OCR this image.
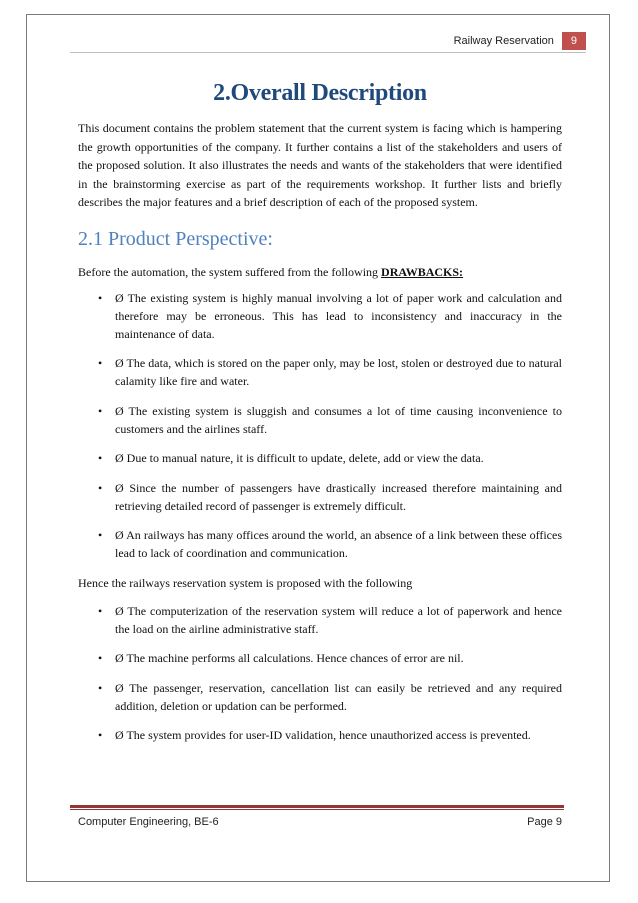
Railway Reservation	9
2.Overall Description

This document contains the problem statement that the current system is facing which is hampering the growth opportunities of the company. It further contains a list of the stakeholders and users of the proposed solution. It also illustrates the needs and wants of the stakeholders that were identified in the brainstorming exercise as part of the requirements workshop. It further lists and briefly describes the major features and a brief description of each of the proposed system.

2.1 Product Perspective:

Before the automation, the system suffered from the following DRAWBACKS:

• Ø The existing system is highly manual involving a lot of paper work and calculation and therefore may be erroneous. This has lead to inconsistency and inaccuracy in the maintenance of data.
• Ø The data, which is stored on the paper only, may be lost, stolen or destroyed due to natural calamity like fire and water.
• Ø The existing system is sluggish and consumes a lot of time causing inconvenience to customers and the airlines staff.
• Ø Due to manual nature, it is difficult to update, delete, add or view the data.
• Ø Since the number of passengers have drastically increased therefore maintaining and retrieving detailed record of passenger is extremely difficult.
• Ø An railways has many offices around the world, an absence of a link between these offices lead to lack of coordination and communication.

Hence the railways reservation system is proposed with the following

• Ø The computerization of the reservation system will reduce a lot of paperwork and hence the load on the airline administrative staff.
• Ø The machine performs all calculations. Hence chances of error are nil.
• Ø The passenger, reservation, cancellation list can easily be retrieved and any required addition, deletion or updation can be performed.
• Ø The system provides for user-ID validation, hence unauthorized access is prevented.
Computer Engineering, BE-6	Page 9
